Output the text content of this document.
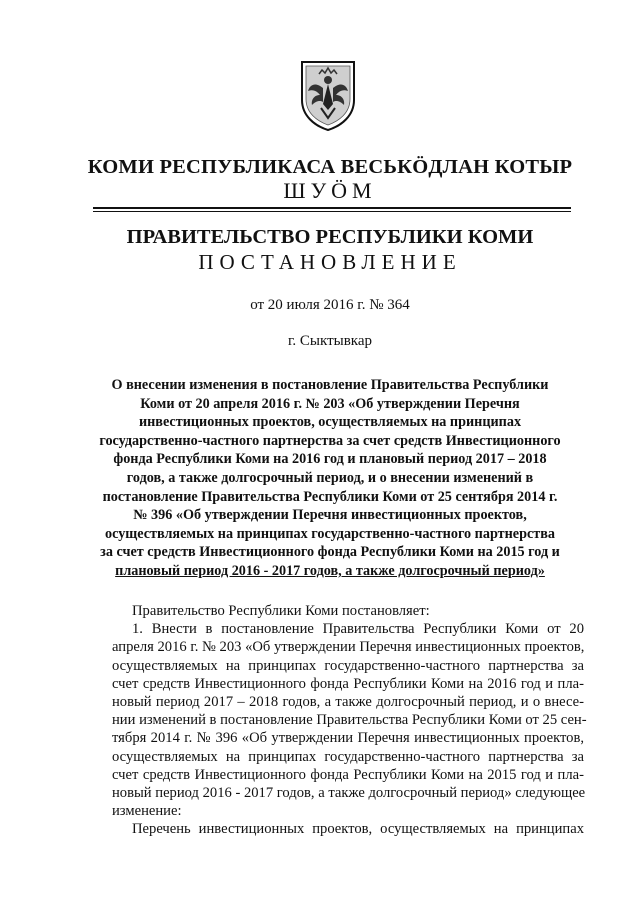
КОМИ РЕСПУБЛИКАСА ВЕСЬКӦДЛАН КОТЫР
ШУӦМ
ПРАВИТЕЛЬСТВО РЕСПУБЛИКИ КОМИ
ПОСТАНОВЛЕНИЕ
от 20 июля 2016 г. № 364
г. Сыктывкар
О внесении изменения в постановление Правительства Республики
Коми от 20 апреля 2016 г. № 203 «Об утверждении Перечня
инвестиционных проектов, осуществляемых на принципах
государственно-частного партнерства за счет средств Инвестиционного
фонда Республики Коми на 2016 год и плановый период 2017 – 2018
годов, а также долгосрочный период, и о внесении изменений в
постановление Правительства Республики Коми от 25 сентября 2014 г.
№ 396 «Об утверждении Перечня инвестиционных проектов,
осуществляемых на принципах государственно-частного партнерства
за счет средств Инвестиционного фонда Республики Коми на 2015 год и
плановый период 2016 - 2017 годов, а также долгосрочный период»
Правительство Республики Коми постановляет:
1. Внести в постановление Правительства Республики Коми от 20
апреля 2016 г. № 203 «Об утверждении Перечня инвестиционных проектов,
осуществляемых на принципах государственно-частного партнерства за
счет средств Инвестиционного фонда Республики Коми на 2016 год и пла-
новый период 2017 – 2018 годов, а также долгосрочный период, и о внесе-
нии изменений в постановление Правительства Республики Коми от 25 сен-
тября 2014 г. № 396 «Об утверждении Перечня инвестиционных проектов,
осуществляемых на принципах государственно-частного партнерства за
счет средств Инвестиционного фонда Республики Коми на 2015 год и пла-
новый период 2016 - 2017 годов, а также долгосрочный период» следующее
изменение:
Перечень инвестиционных проектов, осуществляемых на принципах
